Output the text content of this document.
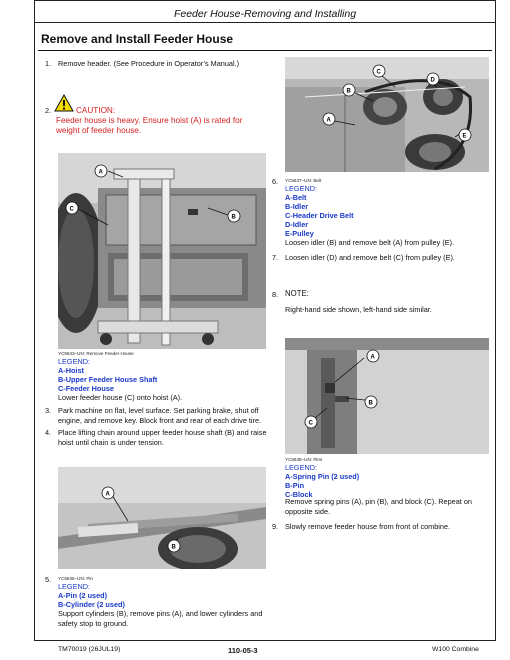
Feeder House-Removing and Installing
Remove and Install Feeder House
1. Remove header. (See Procedure in Operator’s Manual.)
2.	CAUTION:
Feeder house is heavy. Ensure hoist (A) is rated for weight of feeder house.
A
C
B
YC5943–UN: Remove Feeder House
LEGEND:
A-Hoist
B-Upper Feeder House Shaft
C-Feeder House
Lower feeder house (C) onto hoist (A).
3. Park machine on flat, level surface. Set parking brake, shut off engine, and remove key. Block front and rear of each drive tire.
4. Place lifting chain around upper feeder house shaft (B) and raise hoist until chain is under tension.
A
B
5. YC5636–UN: Pin
LEGEND:
A-Pin (2 used)
B-Cylinder (2 used)
Support cylinders (B), remove pins (A), and lower cylinders and safety stop to ground.
C
D
B
A
E
6. YC5637–UN: Belt
LEGEND:
A-Belt
B-Idler
C-Header Drive Belt
D-Idler
E-Pulley
Loosen idler (B) and remove belt (A) from pulley (E).
7. Loosen idler (D) and remove belt (C) from pulley (E).
8. NOTE:
Right-hand side shown, left-hand side similar.
A
B
C
YC5635–UN: Pins
LEGEND:
A-Spring Pin (2 used)
B-Pin
C-Block
Remove spring pins (A), pin (B), and block (C). Repeat on opposite side.
9. Slowly remove feeder house from front of combine.
TM70019 (26JUL19)	110-05-3	W100 Combine
